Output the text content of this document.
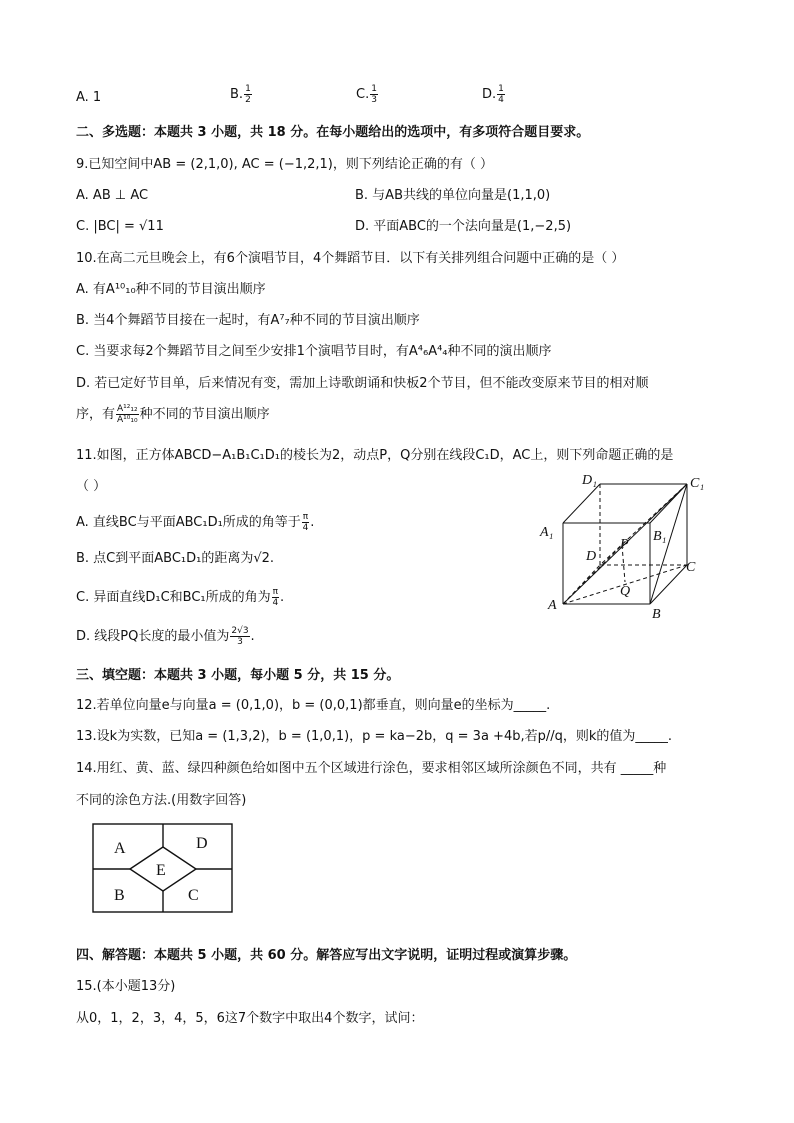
A. 1	B. $\frac{1}{2}$	C. $\frac{1}{3}$	D. $\frac{1}{4}$
二、多选题：本题共 3 小题，共 18 分。在每小题给出的选项中，有多项符合题目要求。
9.已知空间中AB = (2,1,0), AC = (−1,2,1)，则下列结论正确的有（ ）
A. AB ⊥ AC	B. 与AB共线的单位向量是(1,1,0)
C. |BC| = √11	D. 平面ABC的一个法向量是(1,−2,5)
10.在高二元旦晚会上，有6个演唱节目，4个舞蹈节目．以下有关排列组合问题中正确的是（ ）
A. 有A¹⁰₁₀种不同的节目演出顺序
B. 当4个舞蹈节目接在一起时，有A⁷₇种不同的节目演出顺序
C. 当要求每2个舞蹈节目之间至少安排1个演唱节目时，有A⁴₆A⁴₄种不同的演出顺序
D. 若已定好节目单，后来情况有变，需加上诗歌朗诵和快板2个节目，但不能改变原来节目的相对顺
序，有 $\frac{\text{A¹²₁₂}}{\text{A¹⁰₁₀}}$ 种不同的节目演出顺序
11.如图，正方体ABCD−A₁B₁C₁D₁的棱长为2，动点P，Q分别在线段C₁D，AC上，则下列命题正确的是
（ ）
A. 直线BC与平面ABC₁D₁所成的角等于 $\frac{\pi}{4}$ .
B. 点C到平面ABC₁D₁的距离为√2.
C. 异面直线D₁C和BC₁所成的角为 $\frac{\pi}{4}$ .
D. 线段PQ长度的最小值为 $\frac{2√3}{3}$ .
D₁	C₁
A₁	B₁
D
P
C
Q
A
B
三、填空题：本题共 3 小题，每小题 5 分，共 15 分。
12.若单位向量e与向量a = (0,1,0)，b = (0,0,1)都垂直，则向量e的坐标为_____.
13.设k为实数，已知a = (1,3,2)，b = (1,0,1)，p = ka−2b，q = 3a +4b,若p//q，则k的值为_____.
14.用红、黄、蓝、绿四种颜色给如图中五个区域进行涂色，要求相邻区域所涂颜色不同，共有 _____种
不同的涂色方法.(用数字回答)
A	D
E
B	C
四、解答题：本题共 5 小题，共 60 分。解答应写出文字说明，证明过程或演算步骤。
15.(本小题13分)
从0，1，2，3，4，5，6这7个数字中取出4个数字，试问：
